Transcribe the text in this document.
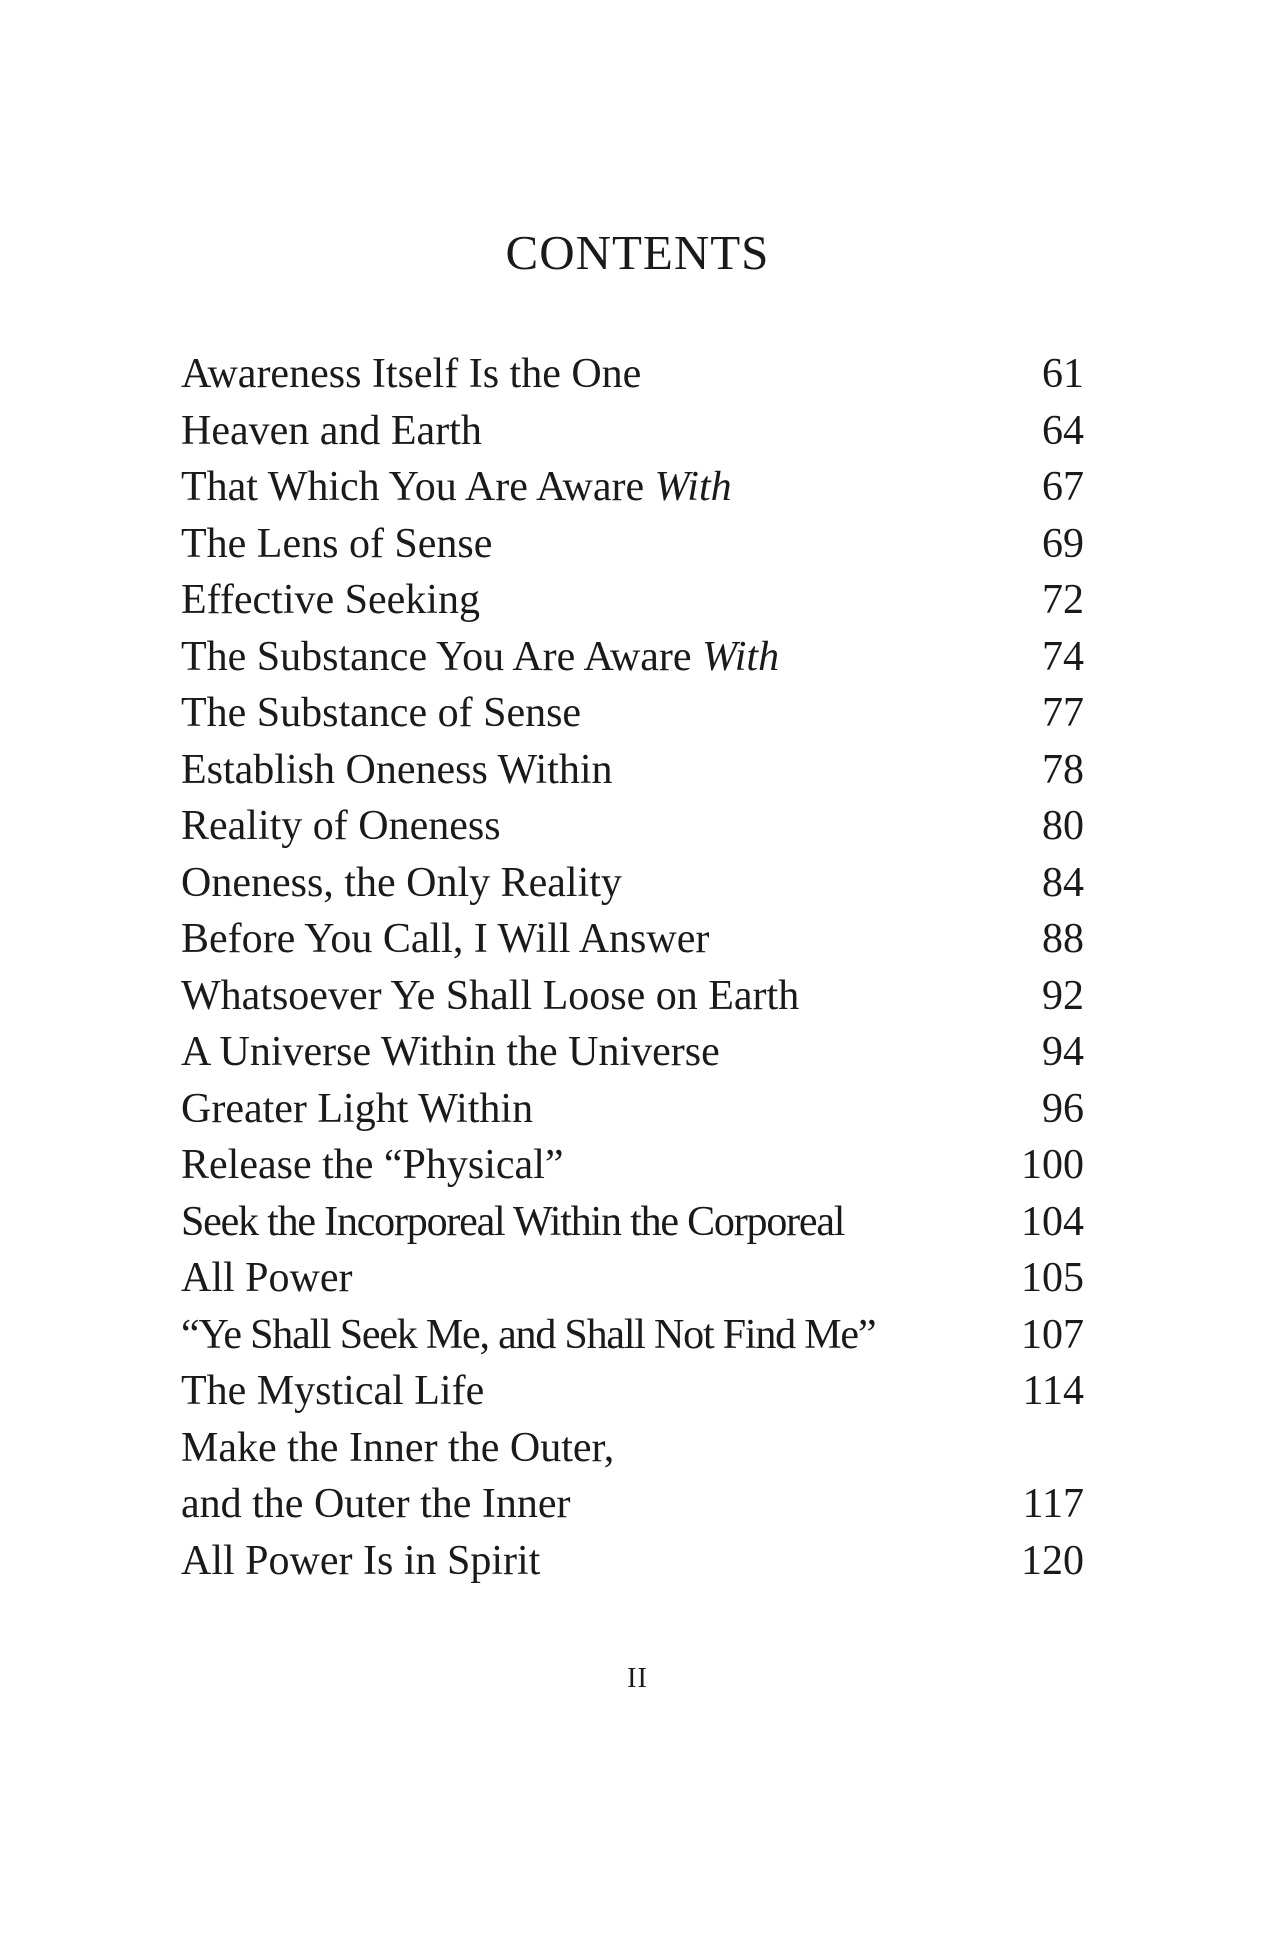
CONTENTS
Awareness Itself Is the One	61
Heaven and Earth	64
That Which You Are Aware With	67
The Lens of Sense	69
Effective Seeking	72
The Substance You Are Aware With	74
The Substance of Sense	77
Establish Oneness Within	78
Reality of Oneness	80
Oneness, the Only Reality	84
Before You Call, I Will Answer	88
Whatsoever Ye Shall Loose on Earth	92
A Universe Within the Universe	94
Greater Light Within	96
Release the “Physical”	100
Seek the Incorporeal Within the Corporeal	104
All Power	105
“Ye Shall Seek Me, and Shall Not Find Me”	107
The Mystical Life	114
Make the Inner the Outer,
and the Outer the Inner	117
All Power Is in Spirit	120
II
